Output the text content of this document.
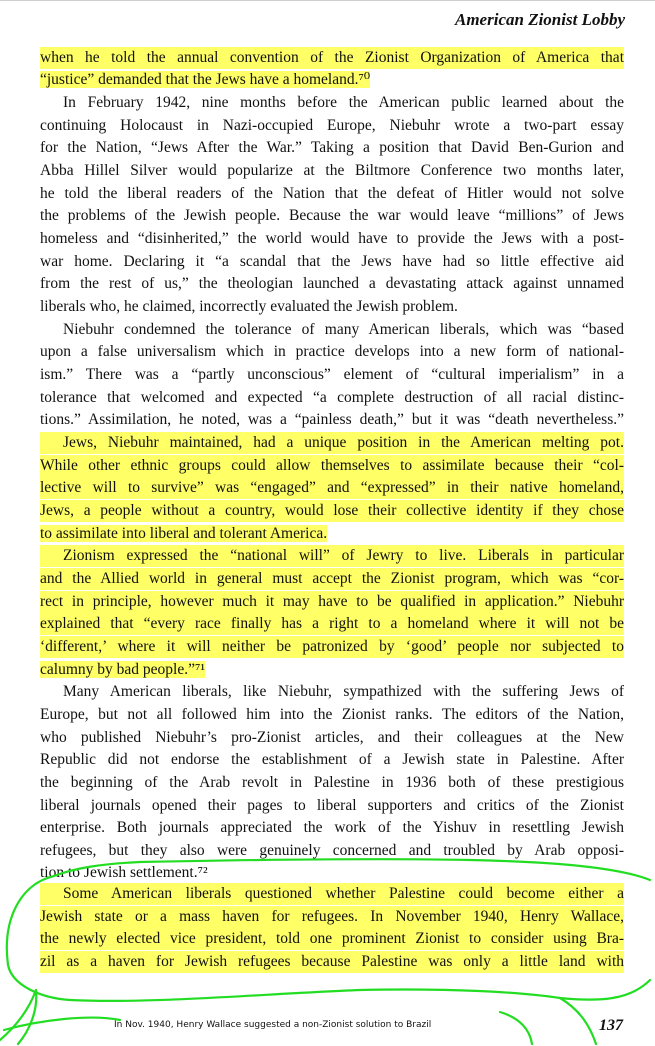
American Zionist Lobby
when he told the annual convention of the Zionist Organization of America that
“justice” demanded that the Jews have a homeland.⁷⁰
In February 1942, nine months before the American public learned about the
continuing Holocaust in Nazi-occupied Europe, Niebuhr wrote a two-part essay
for the Nation, “Jews After the War.” Taking a position that David Ben-Gurion and
Abba Hillel Silver would popularize at the Biltmore Conference two months later,
he told the liberal readers of the Nation that the defeat of Hitler would not solve
the problems of the Jewish people. Because the war would leave “millions” of Jews
homeless and “disinherited,” the world would have to provide the Jews with a post-
war home. Declaring it “a scandal that the Jews have had so little effective aid
from the rest of us,” the theologian launched a devastating attack against unnamed
liberals who, he claimed, incorrectly evaluated the Jewish problem.
Niebuhr condemned the tolerance of many American liberals, which was “based
upon a false universalism which in practice develops into a new form of national-
ism.” There was a “partly unconscious” element of “cultural imperialism” in a
tolerance that welcomed and expected “a complete destruction of all racial distinc-
tions.” Assimilation, he noted, was a “painless death,” but it was “death nevertheless.”
Jews, Niebuhr maintained, had a unique position in the American melting pot.
While other ethnic groups could allow themselves to assimilate because their “col-
lective will to survive” was “engaged” and “expressed” in their native homeland,
Jews, a people without a country, would lose their collective identity if they chose
to assimilate into liberal and tolerant America.
Zionism expressed the “national will” of Jewry to live. Liberals in particular
and the Allied world in general must accept the Zionist program, which was “cor-
rect in principle, however much it may have to be qualified in application.” Niebuhr
explained that “every race finally has a right to a homeland where it will not be
‘different,’ where it will neither be patronized by ‘good’ people nor subjected to
calumny by bad people.”⁷¹
Many American liberals, like Niebuhr, sympathized with the suffering Jews of
Europe, but not all followed him into the Zionist ranks. The editors of the Nation,
who published Niebuhr’s pro-Zionist articles, and their colleagues at the New
Republic did not endorse the establishment of a Jewish state in Palestine. After
the beginning of the Arab revolt in Palestine in 1936 both of these prestigious
liberal journals opened their pages to liberal supporters and critics of the Zionist
enterprise. Both journals appreciated the work of the Yishuv in resettling Jewish
refugees, but they also were genuinely concerned and troubled by Arab opposi-
tion to Jewish settlement.⁷²
Some American liberals questioned whether Palestine could become either a
Jewish state or a mass haven for refugees. In November 1940, Henry Wallace,
the newly elected vice president, told one prominent Zionist to consider using Bra-
zil as a haven for Jewish refugees because Palestine was only a little land with
137
In Nov. 1940, Henry Wallace suggested a non-Zionist solution to Brazil
